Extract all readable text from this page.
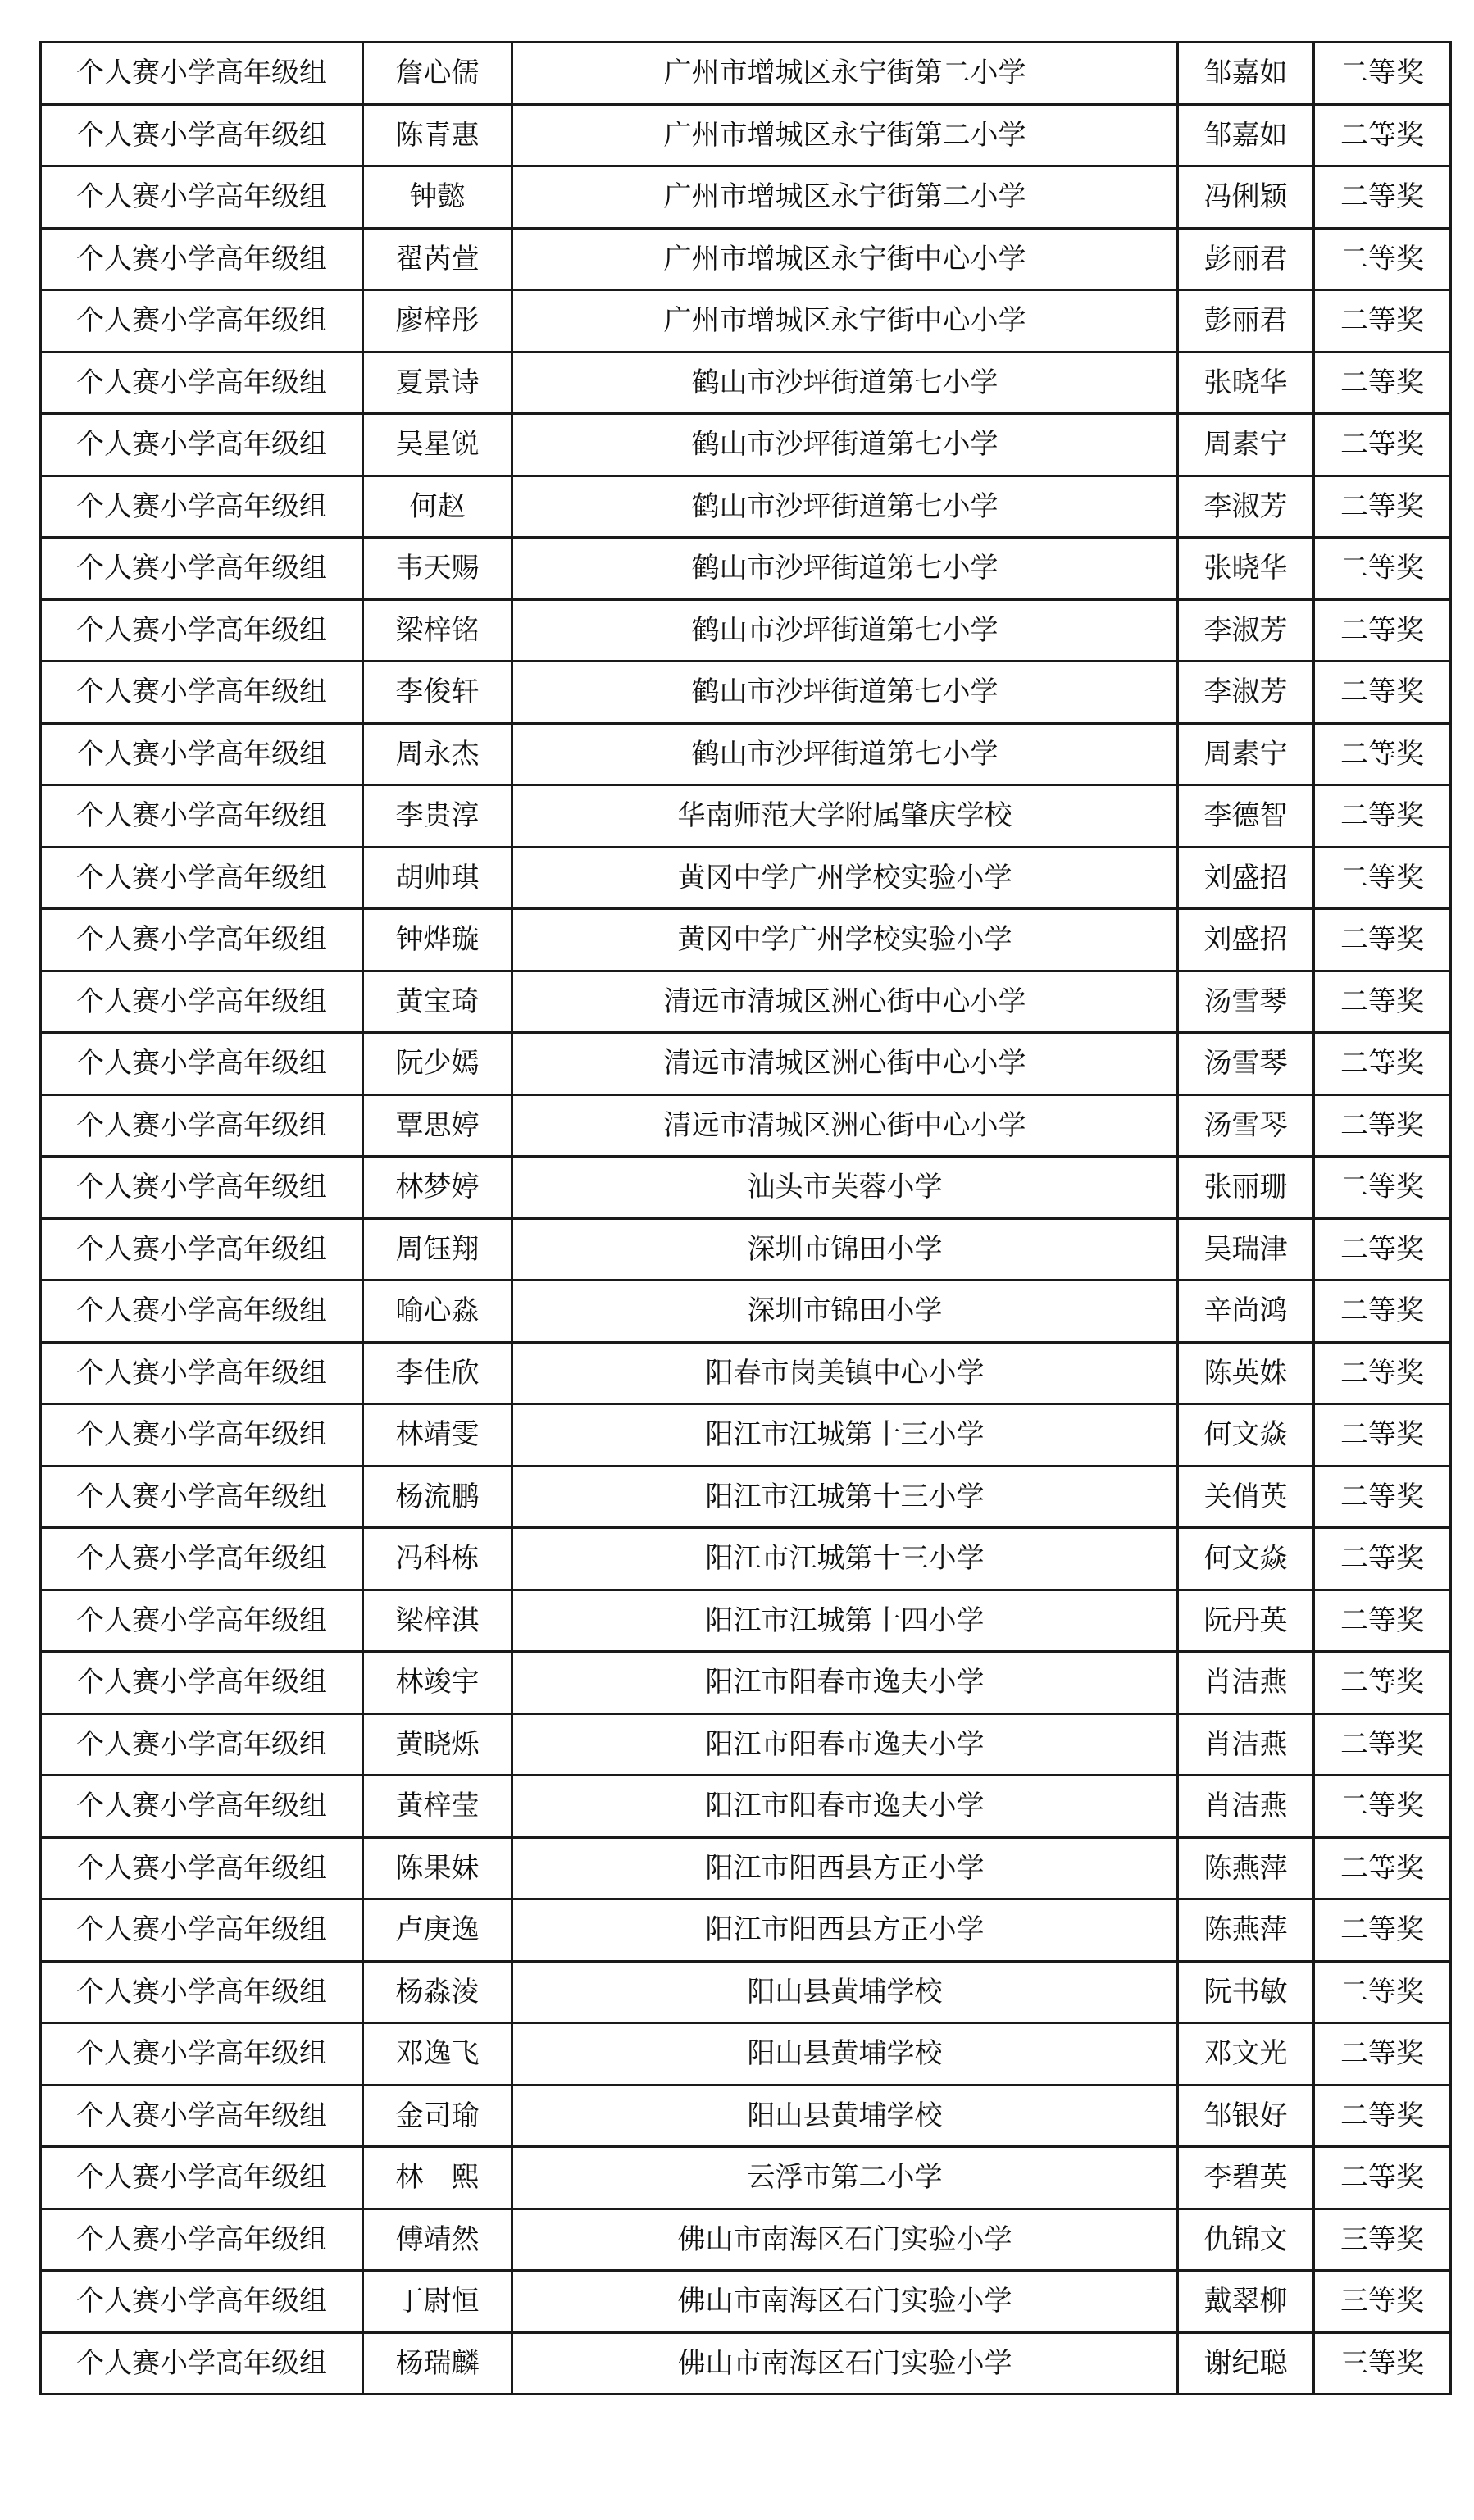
个人赛小学高年级组	詹心儒	广州市增城区永宁街第二小学	邹嘉如	二等奖
个人赛小学高年级组	陈青惠	广州市增城区永宁街第二小学	邹嘉如	二等奖
个人赛小学高年级组	钟懿	广州市增城区永宁街第二小学	冯俐颖	二等奖
个人赛小学高年级组	翟芮萱	广州市增城区永宁街中心小学	彭丽君	二等奖
个人赛小学高年级组	廖梓彤	广州市增城区永宁街中心小学	彭丽君	二等奖
个人赛小学高年级组	夏景诗	鹤山市沙坪街道第七小学	张晓华	二等奖
个人赛小学高年级组	吴星锐	鹤山市沙坪街道第七小学	周素宁	二等奖
个人赛小学高年级组	何赵	鹤山市沙坪街道第七小学	李淑芳	二等奖
个人赛小学高年级组	韦天赐	鹤山市沙坪街道第七小学	张晓华	二等奖
个人赛小学高年级组	梁梓铭	鹤山市沙坪街道第七小学	李淑芳	二等奖
个人赛小学高年级组	李俊轩	鹤山市沙坪街道第七小学	李淑芳	二等奖
个人赛小学高年级组	周永杰	鹤山市沙坪街道第七小学	周素宁	二等奖
个人赛小学高年级组	李贵淳	华南师范大学附属肇庆学校	李德智	二等奖
个人赛小学高年级组	胡帅琪	黄冈中学广州学校实验小学	刘盛招	二等奖
个人赛小学高年级组	钟烨璇	黄冈中学广州学校实验小学	刘盛招	二等奖
个人赛小学高年级组	黄宝琦	清远市清城区洲心街中心小学	汤雪琴	二等奖
个人赛小学高年级组	阮少嫣	清远市清城区洲心街中心小学	汤雪琴	二等奖
个人赛小学高年级组	覃思婷	清远市清城区洲心街中心小学	汤雪琴	二等奖
个人赛小学高年级组	林梦婷	汕头市芙蓉小学	张丽珊	二等奖
个人赛小学高年级组	周钰翔	深圳市锦田小学	吴瑞津	二等奖
个人赛小学高年级组	喻心淼	深圳市锦田小学	辛尚鸿	二等奖
个人赛小学高年级组	李佳欣	阳春市岗美镇中心小学	陈英姝	二等奖
个人赛小学高年级组	林靖雯	阳江市江城第十三小学	何文焱	二等奖
个人赛小学高年级组	杨流鹏	阳江市江城第十三小学	关俏英	二等奖
个人赛小学高年级组	冯科栋	阳江市江城第十三小学	何文焱	二等奖
个人赛小学高年级组	梁梓淇	阳江市江城第十四小学	阮丹英	二等奖
个人赛小学高年级组	林竣宇	阳江市阳春市逸夫小学	肖洁燕	二等奖
个人赛小学高年级组	黄晓烁	阳江市阳春市逸夫小学	肖洁燕	二等奖
个人赛小学高年级组	黄梓莹	阳江市阳春市逸夫小学	肖洁燕	二等奖
个人赛小学高年级组	陈果妹	阳江市阳西县方正小学	陈燕萍	二等奖
个人赛小学高年级组	卢庚逸	阳江市阳西县方正小学	陈燕萍	二等奖
个人赛小学高年级组	杨淼淩	阳山县黄埔学校	阮书敏	二等奖
个人赛小学高年级组	邓逸飞	阳山县黄埔学校	邓文光	二等奖
个人赛小学高年级组	金司瑜	阳山县黄埔学校	邹银好	二等奖
个人赛小学高年级组	林　熙	云浮市第二小学	李碧英	二等奖
个人赛小学高年级组	傅靖然	佛山市南海区石门实验小学	仇锦文	三等奖
个人赛小学高年级组	丁尉恒	佛山市南海区石门实验小学	戴翠柳	三等奖
个人赛小学高年级组	杨瑞麟	佛山市南海区石门实验小学	谢纪聪	三等奖
